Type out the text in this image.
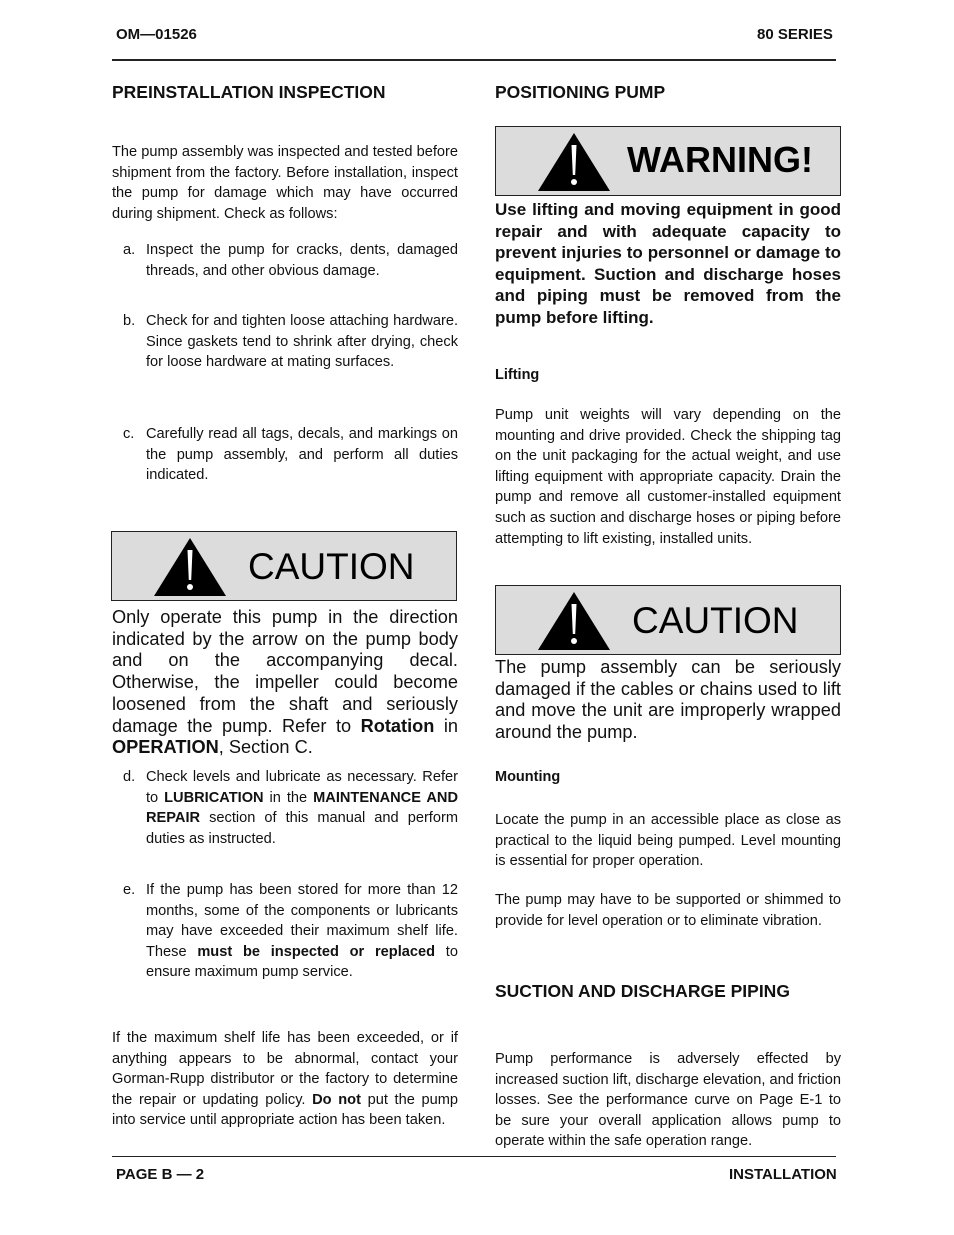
OM—01526	80 SERIES
PREINSTALLATION INSPECTION
The pump assembly was inspected and tested before shipment from the factory. Before installation, inspect the pump for damage which may have occurred during shipment. Check as follows:
a. Inspect the pump for cracks, dents, damaged threads, and other obvious damage.
b. Check for and tighten loose attaching hardware. Since gaskets tend to shrink after drying, check for loose hardware at mating surfaces.
c. Carefully read all tags, decals, and markings on the pump assembly, and perform all duties indicated.
CAUTION
Only operate this pump in the direction indicated by the arrow on the pump body and on the accompanying decal. Otherwise, the impeller could become loosened from the shaft and seriously damage the pump. Refer to Rotation in OPERATION, Section C.
d. Check levels and lubricate as necessary. Refer to LUBRICATION in the MAINTENANCE AND REPAIR section of this manual and perform duties as instructed.
e. If the pump has been stored for more than 12 months, some of the components or lubricants may have exceeded their maximum shelf life. These must be inspected or replaced to ensure maximum pump service.
If the maximum shelf life has been exceeded, or if anything appears to be abnormal, contact your Gorman-Rupp distributor or the factory to determine the repair or updating policy. Do not put the pump into service until appropriate action has been taken.
POSITIONING PUMP
WARNING!
Use lifting and moving equipment in good repair and with adequate capacity to prevent injuries to personnel or damage to equipment. Suction and discharge hoses and piping must be removed from the pump before lifting.
Lifting
Pump unit weights will vary depending on the mounting and drive provided. Check the shipping tag on the unit packaging for the actual weight, and use lifting equipment with appropriate capacity. Drain the pump and remove all customer-installed equipment such as suction and discharge hoses or piping before attempting to lift existing, installed units.
CAUTION
The pump assembly can be seriously damaged if the cables or chains used to lift and move the unit are improperly wrapped around the pump.
Mounting
Locate the pump in an accessible place as close as practical to the liquid being pumped. Level mounting is essential for proper operation.
The pump may have to be supported or shimmed to provide for level operation or to eliminate vibration.
SUCTION AND DISCHARGE PIPING
Pump performance is adversely effected by increased suction lift, discharge elevation, and friction losses. See the performance curve on Page E-1 to be sure your overall application allows pump to operate within the safe operation range.
PAGE B — 2	INSTALLATION
